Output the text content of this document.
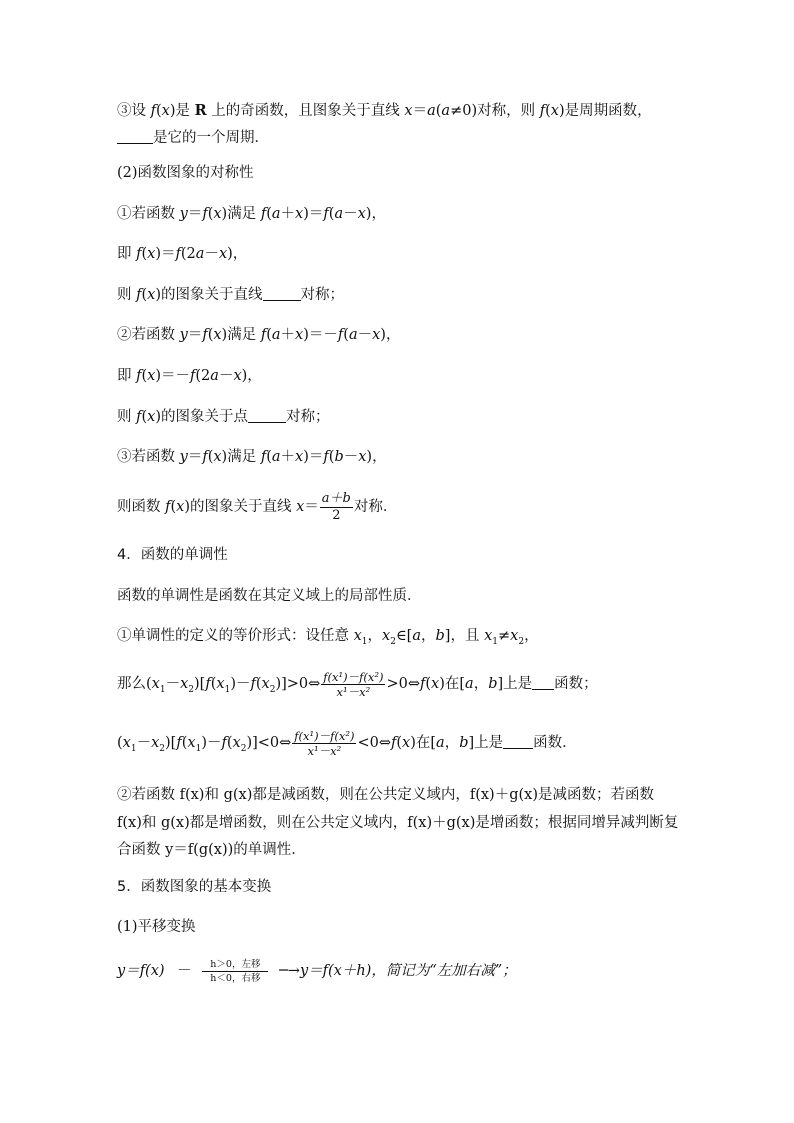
③设 f(x)是 R 上的奇函数，且图象关于直线 x＝a(a≠0)对称，则 f(x)是周期函数，是它的一个周期．
(2)函数图象的对称性
①若函数 y＝f(x)满足 f(a＋x)＝f(a－x)，
即 f(x)＝f(2a－x)，
则 f(x)的图象关于直线	对称；
②若函数 y＝f(x)满足 f(a＋x)＝－f(a－x)，
即 f(x)＝－f(2a－x)，
则 f(x)的图象关于点	对称；
③若函数 y＝f(x)满足 f(a＋x)＝f(b－x)，
则函数 f(x)的图象关于直线 $x= \frac{a+b}{2}$ 对称．
4．函数的单调性
函数的单调性是函数在其定义域上的局部性质．
①单调性的定义的等价形式：设任意 $x_1$，$x_2\in[a$，b]，且 $x_1\ne x_2$，
那么$(x_1-x_2)[f(x_1)-f(x_2)]>0\Leftrightarrow \frac{\text{f(x¹)－f(x²)}}{\text{x¹－x²}}$ >0⇔f(x)在[a，b]上是 函数；
$(x_1-x_2)[f(x_1)-f(x_2)]<0\Leftrightarrow \frac{\text{f(x¹)－f(x²)}}{\text{x¹－x²}}$ <0⇔f(x)在[a，b]上是 函数．
②若函数 f(x)和 g(x)都是减函数，则在公共定义域内，f(x)＋g(x)是减函数；若函数 f(x)和 g(x)都是增函数，则在公共定义域内，f(x)＋g(x)是增函数；根据同增异减判断复合函数 y＝f(g(x))的单调性．
5．函数图象的基本变换
(1)平移变换
y＝f(x) －	h＞0，左移
h＜0，右移 ─→y＝f(x＋h)，简记为“左加右减”；
